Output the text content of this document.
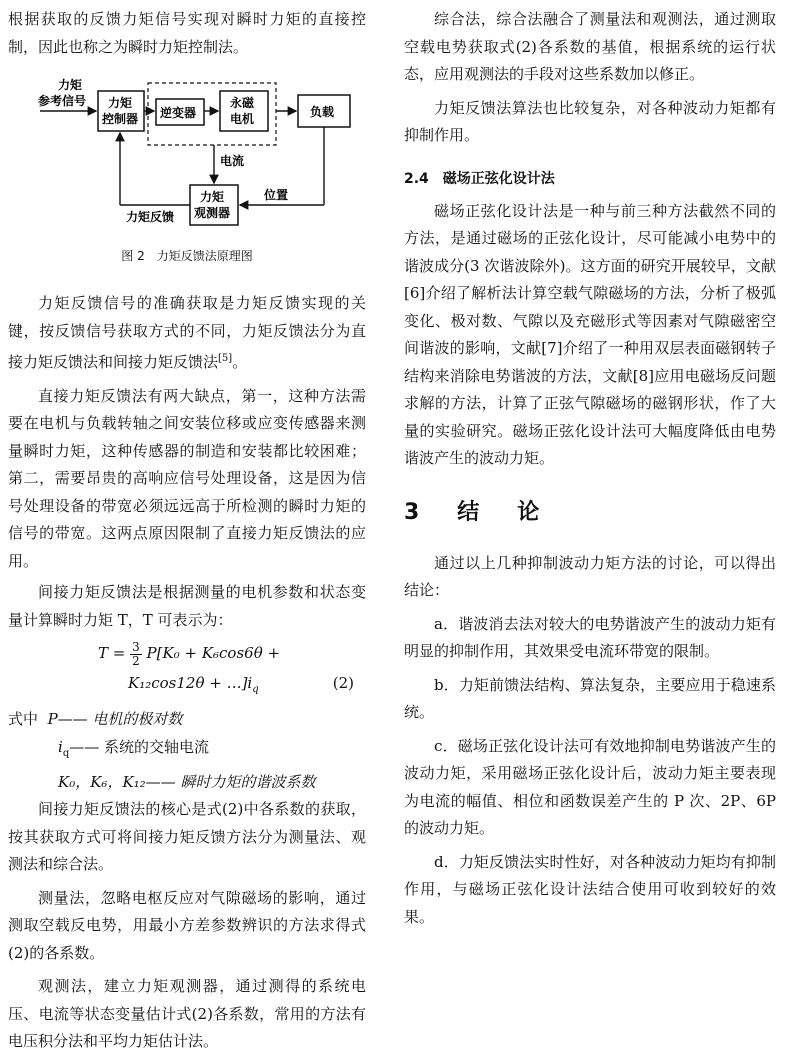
根据获取的反馈力矩信号实现对瞬时力矩的直接控制，因此也称之为瞬时力矩控制法。

力矩
参考信号 力矩
控制器 逆变器
永磁
电机	负载
电流
力矩
观测器
位置
力矩反馈
图 2　力矩反馈法原理图

力矩反馈信号的准确获取是力矩反馈实现的关键，按反馈信号获取方式的不同，力矩反馈法分为直接力矩反馈法和间接力矩反馈法[5]。

直接力矩反馈法有两大缺点，第一，这种方法需要在电机与负载转轴之间安装位移或应变传感器来测量瞬时力矩，这种传感器的制造和安装都比较困难；第二，需要昂贵的高响应信号处理设备，这是因为信号处理设备的带宽必须远远高于所检测的瞬时力矩的信号的带宽。这两点原因限制了直接力矩反馈法的应用。

间接力矩反馈法是根据测量的电机参数和状态变量计算瞬时力矩 T，T 可表示为：

$T = \frac{3}{2} P[K_0 + K_6\cos 6\theta$ +
$K_{12}\cos 12\theta + \dots]i_q$	(2)

式中 P—— 电机的极对数

$i_q——$ 系统的交轴电流

K₀，K₆，K₁₂—— 瞬时力矩的谐波系数

间接力矩反馈法的核心是式(2)中各系数的获取，按其获取方式可将间接力矩反馈方法分为测量法、观测法和综合法。

测量法，忽略电枢反应对气隙磁场的影响，通过测取空载反电势，用最小方差参数辨识的方法求得式(2)的各系数。

观测法，建立力矩观测器，通过测得的系统电压、电流等状态变量估计式(2)各系数，常用的方法有电压积分法和平均力矩估计法。

综合法，综合法融合了测量法和观测法，通过测取空载电势获取式(2)各系数的基值，根据系统的运行状态，应用观测法的手段对这些系数加以修正。

力矩反馈法算法也比较复杂，对各种波动力矩都有抑制作用。

2.4　磁场正弦化设计法

磁场正弦化设计法是一种与前三种方法截然不同的方法，是通过磁场的正弦化设计，尽可能减小电势中的谐波成分(3 次谐波除外)。这方面的研究开展较早，文献[6]介绍了解析法计算空载气隙磁场的方法，分析了极弧变化、极对数、气隙以及充磁形式等因素对气隙磁密空间谐波的影响，文献[7]介绍了一种用双层表面磁钢转子结构来消除电势谐波的方法，文献[8]应用电磁场反问题求解的方法，计算了正弦气隙磁场的磁钢形状，作了大量的实验研究。磁场正弦化设计法可大幅度降低由电势谐波产生的波动力矩。

3　结　论

通过以上几种抑制波动力矩方法的讨论，可以得出结论：

a．谐波消去法对较大的电势谐波产生的波动力矩有明显的抑制作用，其效果受电流环带宽的限制。

b．力矩前馈法结构、算法复杂，主要应用于稳速系统。

c．磁场正弦化设计法可有效地抑制电势谐波产生的波动力矩，采用磁场正弦化设计后，波动力矩主要表现为电流的幅值、相位和函数误差产生的 P 次、2P、6P 的波动力矩。

d．力矩反馈法实时性好，对各种波动力矩均有抑制作用，与磁场正弦化设计法结合使用可收到较好的效果。
